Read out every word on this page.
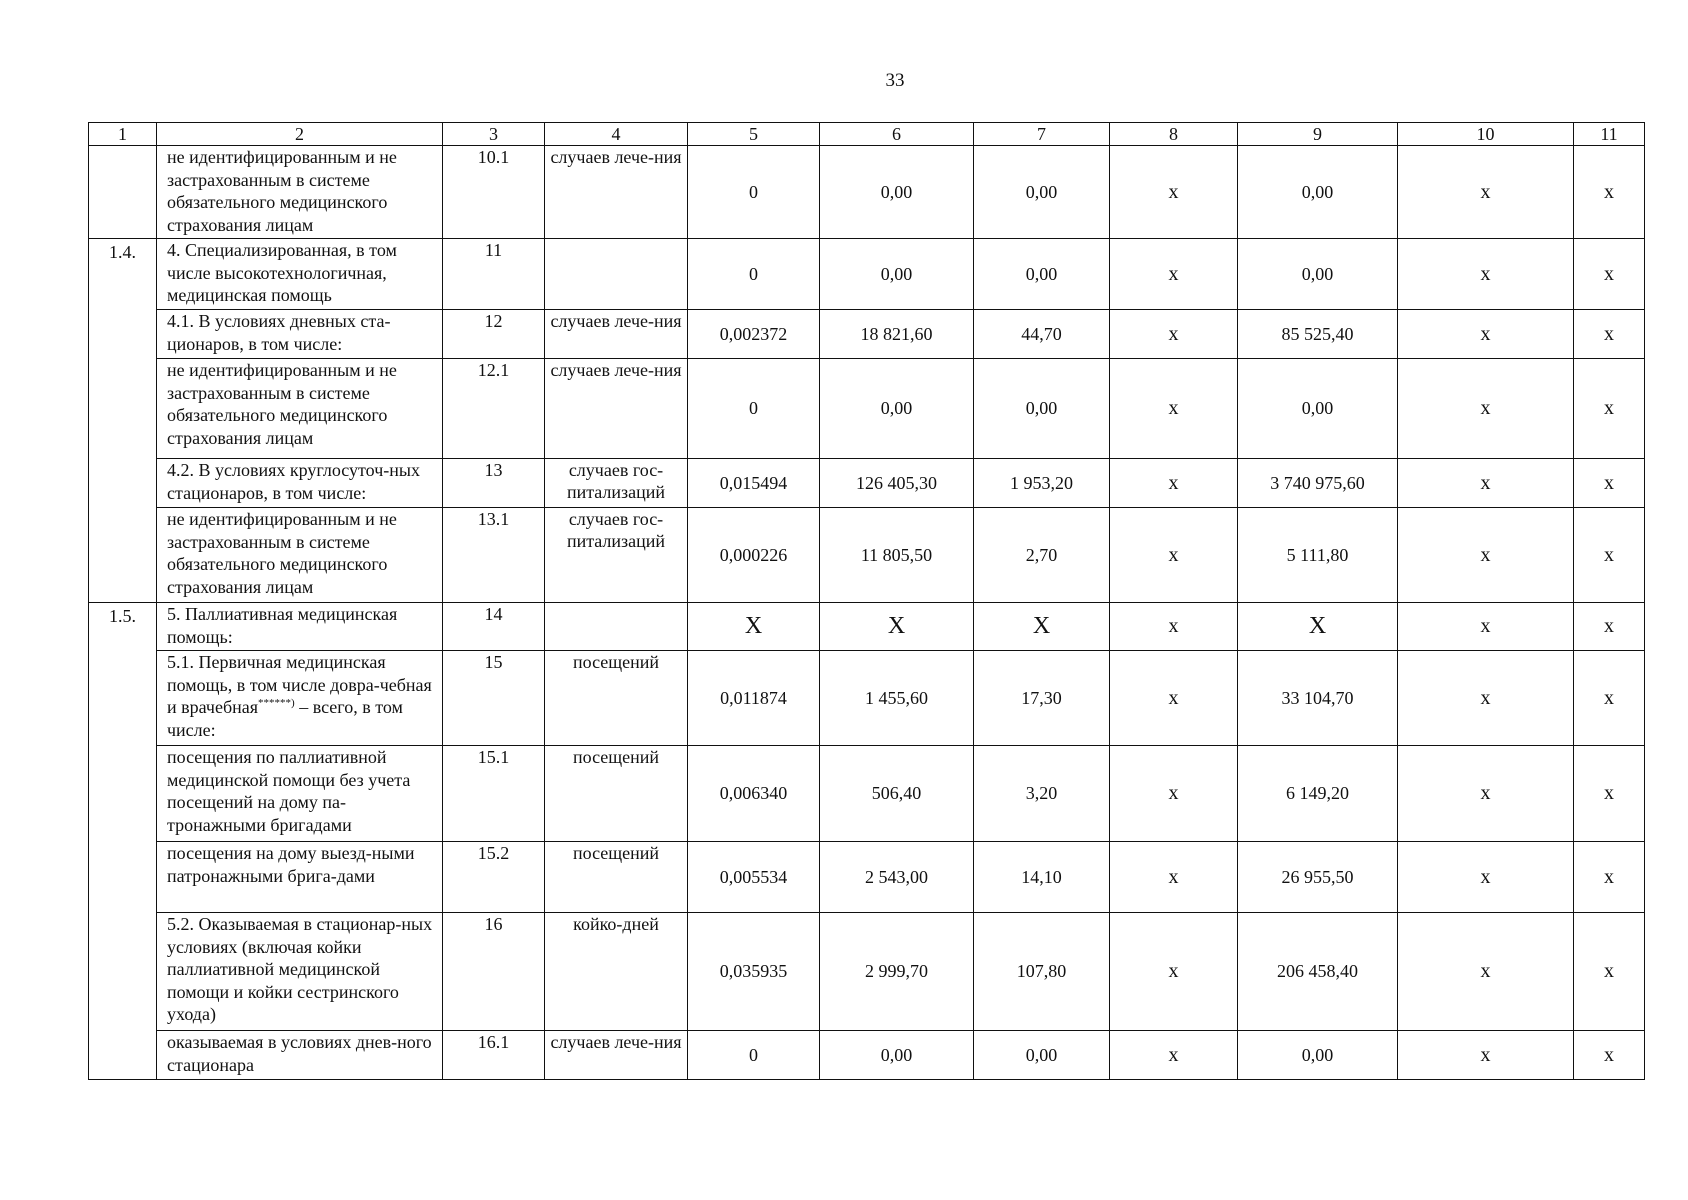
33
1	2	3	4	5	6	7	8	9	10	11
	не идентифицированным и не застрахованным в системе обязательного медицинского страхования лицам	10.1	случаев лече-ния	0	0,00	0,00	х	0,00	х	х
1.4.	4. Специализированная, в том числе высокотехнологичная, медицинская помощь	11		0	0,00	0,00	х	0,00	х	х
	4.1. В условиях дневных ста-ционаров, в том числе:	12	случаев лече-ния	0,002372	18 821,60	44,70	х	85 525,40	х	х
	не идентифицированным и не застрахованным в системе обязательного медицинского страхования лицам	12.1	случаев лече-ния	0	0,00	0,00	х	0,00	х	х
	4.2. В условиях круглосуточ-ных стационаров, в том числе:	13	случаев гос-питализаций	0,015494	126 405,30	1 953,20	х	3 740 975,60	х	х
	не идентифицированным и не застрахованным в системе обязательного медицинского страхования лицам	13.1	случаев гос-питализаций	0,000226	11 805,50	2,70	х	5 111,80	х	х
1.5.	5. Паллиативная медицинская помощь:	14		Х	Х	Х	х	Х	х	х
	5.1. Первичная медицинская помощь, в том числе довра-чебная и врачебная******) – всего, в том числе:	15	посещений	0,011874	1 455,60	17,30	х	33 104,70	х	х
	посещения по паллиативной медицинской помощи без учета посещений на дому па-тронажными бригадами	15.1	посещений	0,006340	506,40	3,20	х	6 149,20	х	х
	посещения на дому выезд-ными патронажными брига-дами	15.2	посещений	0,005534	2 543,00	14,10	х	26 955,50	х	х
	5.2. Оказываемая в стационар-ных условиях (включая койки паллиативной медицинской помощи и койки сестринского ухода)	16	койко-дней	0,035935	2 999,70	107,80	х	206 458,40	х	х
	оказываемая в условиях днев-ного стационара	16.1	случаев лече-ния	0	0,00	0,00	х	0,00	х	х
